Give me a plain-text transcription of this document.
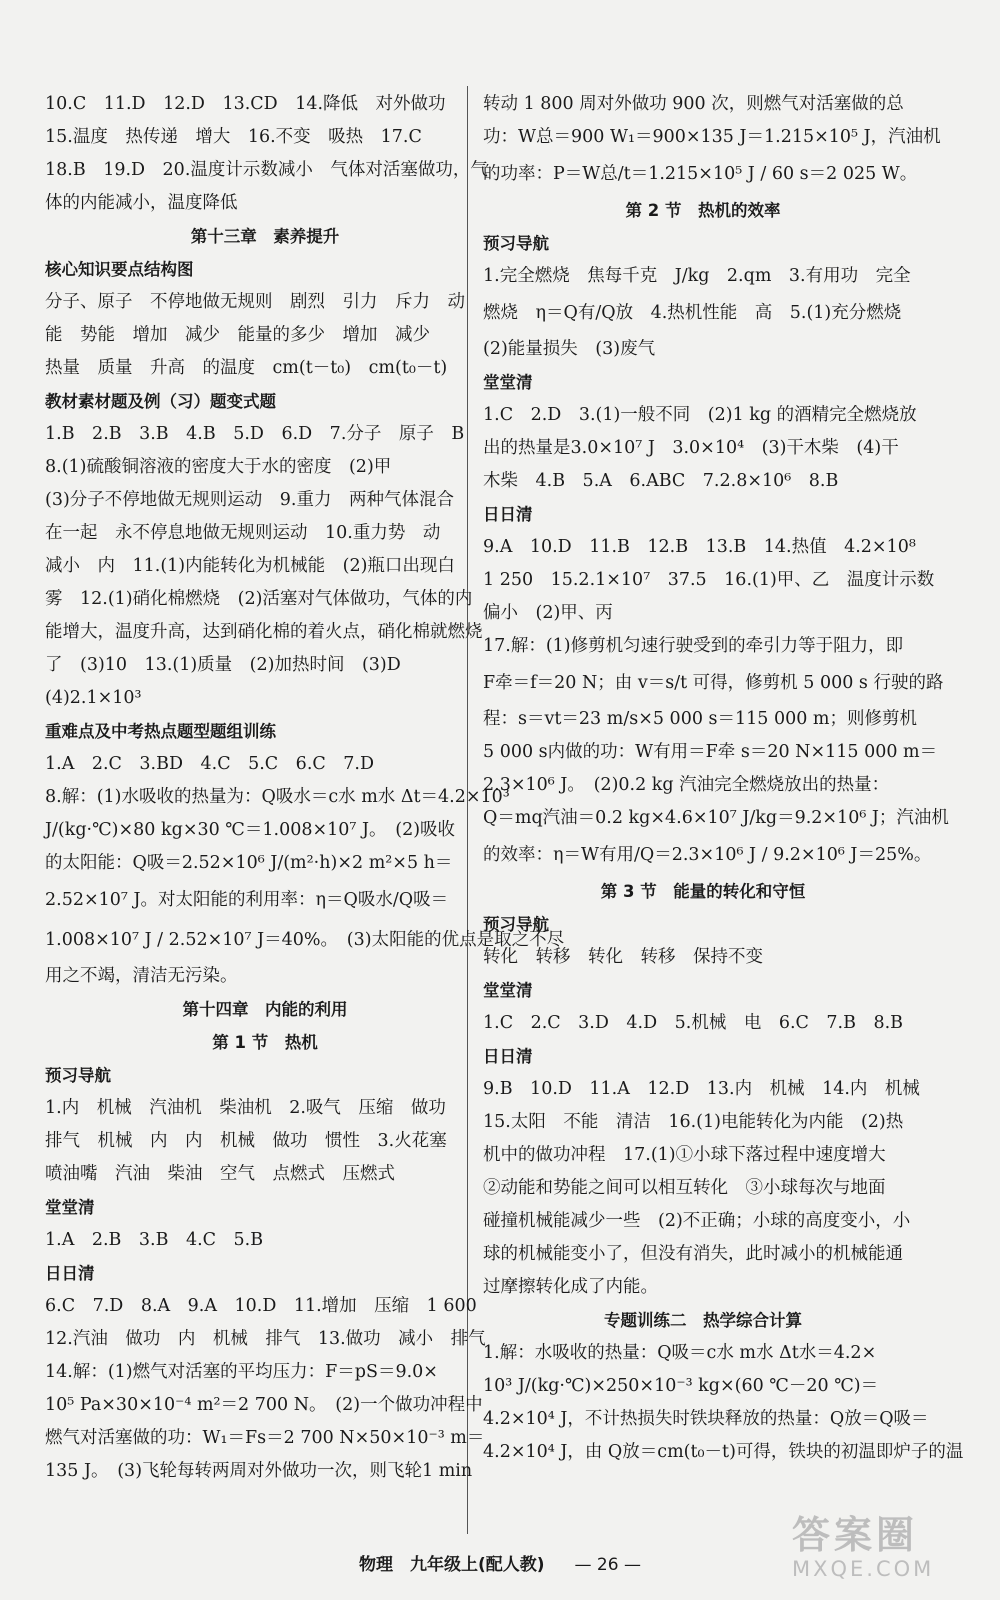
10.C　11.D　12.D　13.CD　14.降低　对外做功
15.温度　热传递　增大　16.不变　吸热　17.C
18.B　19.D　20.温度计示数减小　气体对活塞做功，气
体的内能减小，温度降低
第十三章　素养提升
核心知识要点结构图
分子、原子　不停地做无规则　剧烈　引力　斥力　动
能　势能　增加　减少　能量的多少　增加　减少
热量　质量　升高　的温度　cm(t－t₀)　cm(t₀－t)
教材素材题及例（习）题变式题
1.B　2.B　3.B　4.B　5.D　6.D　7.分子　原子　B
8.(1)硫酸铜溶液的密度大于水的密度　(2)甲
(3)分子不停地做无规则运动　9.重力　两种气体混合
在一起　永不停息地做无规则运动　10.重力势　动
减小　内　11.(1)内能转化为机械能　(2)瓶口出现白
雾　12.(1)硝化棉燃烧　(2)活塞对气体做功，气体的内
能增大，温度升高，达到硝化棉的着火点，硝化棉就燃烧
了　(3)10　13.(1)质量　(2)加热时间　(3)D
(4)2.1×10³
重难点及中考热点题型题组训练
1.A　2.C　3.BD　4.C　5.C　6.C　7.D
8.解：(1)水吸收的热量为：Q吸水＝c水 m水 Δt＝4.2×10³
J/(kg·℃)×80 kg×30 ℃＝1.008×10⁷ J。　(2)吸收
的太阳能：Q吸＝2.52×10⁶ J/(m²·h)×2 m²×5 h＝
2.52×10⁷ J。对太阳能的利用率：η＝Q吸水/Q吸＝
1.008×10⁷ J / 2.52×10⁷ J＝40%。　(3)太阳能的优点是取之不尽
用之不竭，清洁无污染。
第十四章　内能的利用
第 1 节　热机
预习导航
1.内　机械　汽油机　柴油机　2.吸气　压缩　做功
排气　机械　内　内　机械　做功　惯性　3.火花塞
喷油嘴　汽油　柴油　空气　点燃式　压燃式
堂堂清
1.A　2.B　3.B　4.C　5.B
日日清
6.C　7.D　8.A　9.A　10.D　11.增加　压缩　1 600
12.汽油　做功　内　机械　排气　13.做功　减小　排气
14.解：(1)燃气对活塞的平均压力：F＝pS＝9.0×
10⁵ Pa×30×10⁻⁴ m²＝2 700 N。　(2)一个做功冲程中
燃气对活塞做的功：W₁＝Fs＝2 700 N×50×10⁻³ m＝
135 J。　(3)飞轮每转两周对外做功一次，则飞轮1 min
转动 1 800 周对外做功 900 次，则燃气对活塞做的总
功：W总＝900 W₁＝900×135 J＝1.215×10⁵ J，汽油机
的功率：P＝W总/t＝1.215×10⁵ J / 60 s＝2 025 W。
第 2 节　热机的效率
预习导航
1.完全燃烧　焦每千克　J/kg　2.qm　3.有用功　完全
燃烧　η＝Q有/Q放　4.热机性能　高　5.(1)充分燃烧
(2)能量损失　(3)废气
堂堂清
1.C　2.D　3.(1)一般不同　(2)1 kg 的酒精完全燃烧放
出的热量是3.0×10⁷ J　3.0×10⁴　(3)干木柴　(4)干
木柴　4.B　5.A　6.ABC　7.2.8×10⁶　8.B
日日清
9.A　10.D　11.B　12.B　13.B　14.热值　4.2×10⁸
1 250　15.2.1×10⁷　37.5　16.(1)甲、乙　温度计示数
偏小　(2)甲、丙
17.解：(1)修剪机匀速行驶受到的牵引力等于阻力，即
F牵＝f＝20 N；由 v＝s/t 可得，修剪机 5 000 s 行驶的路
程：s＝vt＝23 m/s×5 000 s＝115 000 m；则修剪机
5 000 s内做的功：W有用＝F牵 s＝20 N×115 000 m＝
2.3×10⁶ J。　(2)0.2 kg 汽油完全燃烧放出的热量：
Q＝mq汽油＝0.2 kg×4.6×10⁷ J/kg＝9.2×10⁶ J；汽油机
的效率：η＝W有用/Q＝2.3×10⁶ J / 9.2×10⁶ J＝25%。
第 3 节　能量的转化和守恒
预习导航
转化　转移　转化　转移　保持不变
堂堂清
1.C　2.C　3.D　4.D　5.机械　电　6.C　7.B　8.B
日日清
9.B　10.D　11.A　12.D　13.内　机械　14.内　机械
15.太阳　不能　清洁　16.(1)电能转化为内能　(2)热
机中的做功冲程　17.(1)①小球下落过程中速度增大
②动能和势能之间可以相互转化　③小球每次与地面
碰撞机械能减少一些　(2)不正确；小球的高度变小，小
球的机械能变小了，但没有消失，此时减小的机械能通
过摩擦转化成了内能。
专题训练二　热学综合计算
1.解：水吸收的热量：Q吸＝c水 m水 Δt水＝4.2×
10³ J/(kg·℃)×250×10⁻³ kg×(60 ℃－20 ℃)＝
4.2×10⁴ J，不计热损失时铁块释放的热量：Q放＝Q吸＝
4.2×10⁴ J，由 Q放＝cm(t₀－t)可得，铁块的初温即炉子的温
物理　九年级上(配人教) — 26 —
答案圈
MXQE.COM
